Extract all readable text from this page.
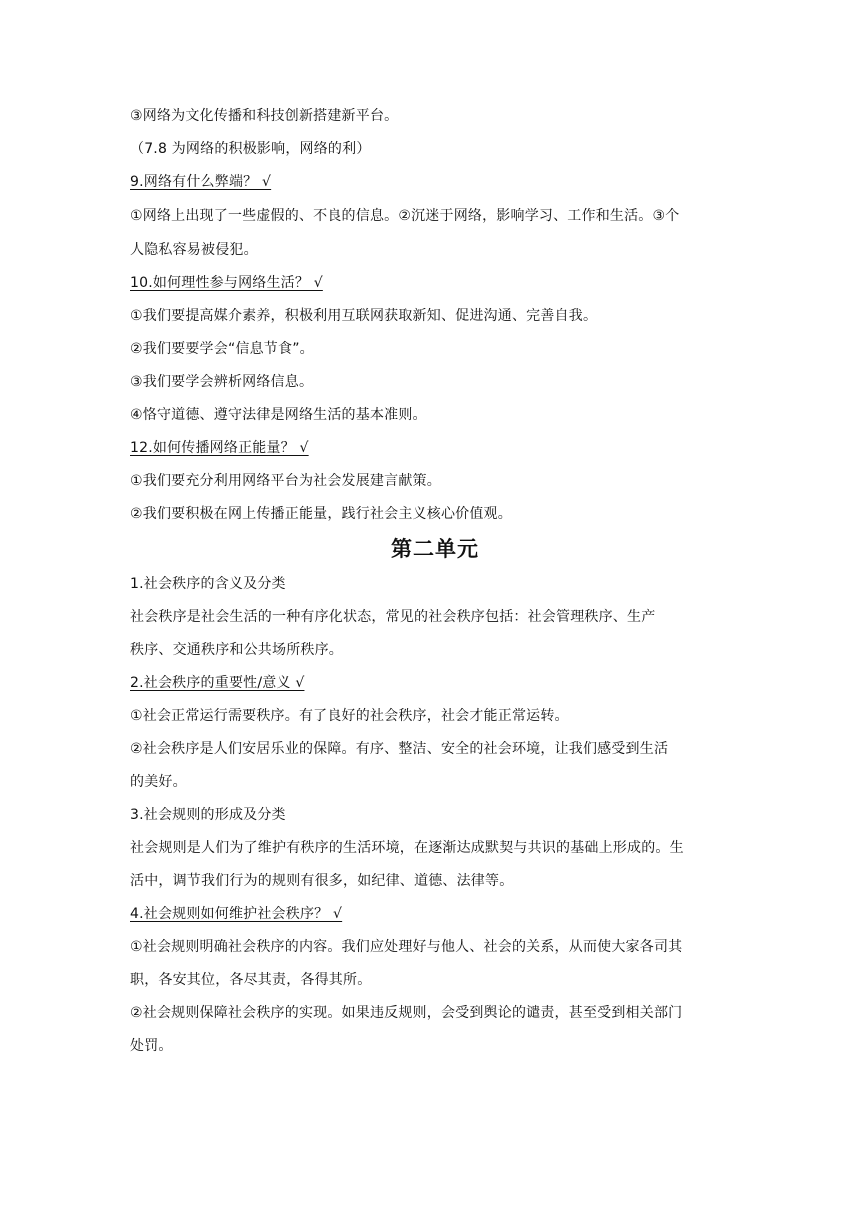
③网络为文化传播和科技创新搭建新平台。
（7.8 为网络的积极影响，网络的利）
9.网络有什么弊端？ √
①网络上出现了一些虚假的、不良的信息。②沉迷于网络，影响学习、工作和生活。③个
人隐私容易被侵犯。
10.如何理性参与网络生活？ √
①我们要提高媒介素养，积极利用互联网获取新知、促进沟通、完善自我。
②我们要要学会“信息节食”。
③我们要学会辨析网络信息。
④恪守道德、遵守法律是网络生活的基本准则。
12.如何传播网络正能量？ √
①我们要充分利用网络平台为社会发展建言献策。
②我们要积极在网上传播正能量，践行社会主义核心价值观。
第二单元
1.社会秩序的含义及分类
社会秩序是社会生活的一种有序化状态，常见的社会秩序包括：社会管理秩序、生产
秩序、交通秩序和公共场所秩序。
2.社会秩序的重要性/意义 √
①社会正常运行需要秩序。有了良好的社会秩序，社会才能正常运转。
②社会秩序是人们安居乐业的保障。有序、整洁、安全的社会环境，让我们感受到生活
的美好。
3.社会规则的形成及分类
社会规则是人们为了维护有秩序的生活环境，在逐渐达成默契与共识的基础上形成的。生
活中，调节我们行为的规则有很多，如纪律、道德、法律等。
4.社会规则如何维护社会秩序？ √
①社会规则明确社会秩序的内容。我们应处理好与他人、社会的关系，从而使大家各司其
职，各安其位，各尽其责，各得其所。
②社会规则保障社会秩序的实现。如果违反规则，会受到舆论的谴责，甚至受到相关部门
处罚。
